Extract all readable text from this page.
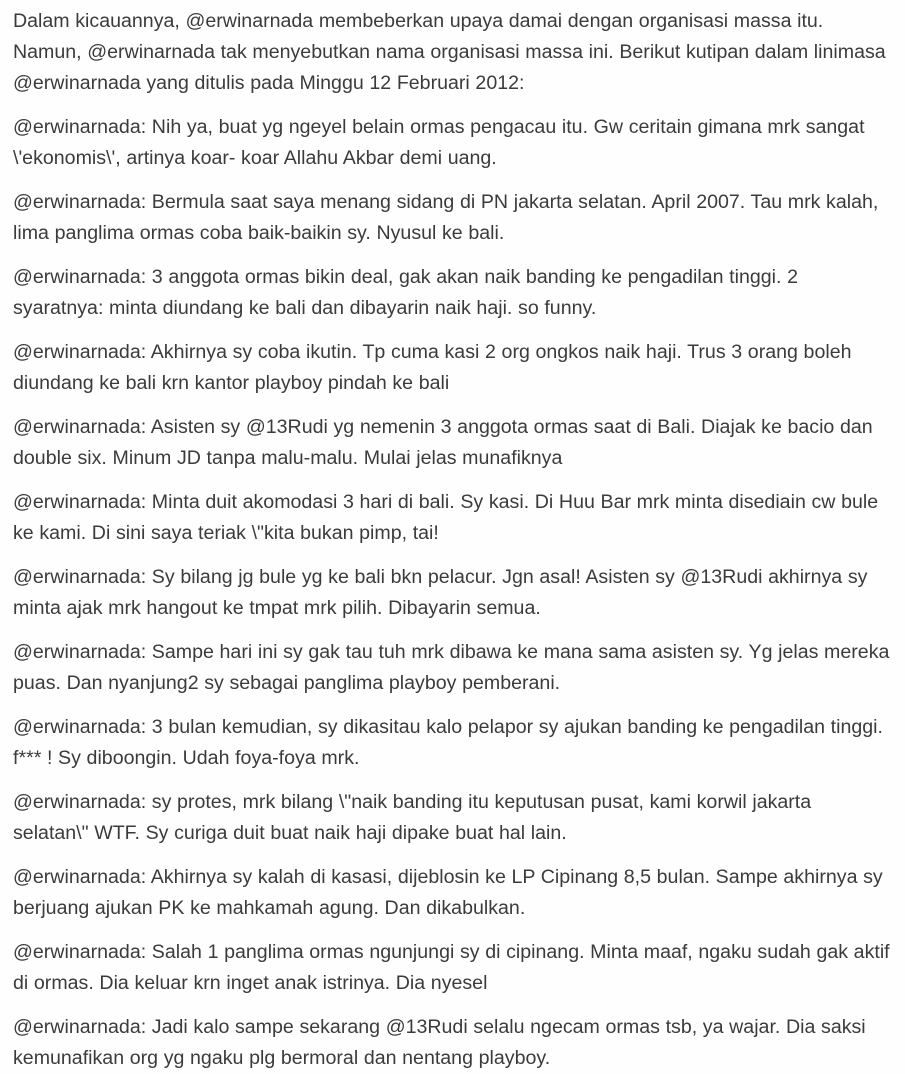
Dalam kicauannya, @erwinarnada membeberkan upaya damai dengan organisasi massa itu. Namun, @erwinarnada tak menyebutkan nama organisasi massa ini. Berikut kutipan dalam linimasa @erwinarnada yang ditulis pada Minggu 12 Februari 2012:

@erwinarnada: Nih ya, buat yg ngeyel belain ormas pengacau itu. Gw ceritain gimana mrk sangat \'ekonomis\', artinya koar- koar Allahu Akbar demi uang.

@erwinarnada: Bermula saat saya menang sidang di PN jakarta selatan. April 2007. Tau mrk kalah, lima panglima ormas coba baik-baikin sy. Nyusul ke bali.

@erwinarnada: 3 anggota ormas bikin deal, gak akan naik banding ke pengadilan tinggi. 2 syaratnya: minta diundang ke bali dan dibayarin naik haji. so funny.

@erwinarnada: Akhirnya sy coba ikutin. Tp cuma kasi 2 org ongkos naik haji. Trus 3 orang boleh diundang ke bali krn kantor playboy pindah ke bali

@erwinarnada: Asisten sy @13Rudi yg nemenin 3 anggota ormas saat di Bali. Diajak ke bacio dan double six. Minum JD tanpa malu-malu. Mulai jelas munafiknya

@erwinarnada: Minta duit akomodasi 3 hari di bali. Sy kasi. Di Huu Bar mrk minta disediain cw bule ke kami. Di sini saya teriak \"kita bukan pimp, tai!

@erwinarnada: Sy bilang jg bule yg ke bali bkn pelacur. Jgn asal! Asisten sy @13Rudi akhirnya sy minta ajak mrk hangout ke tmpat mrk pilih. Dibayarin semua.

@erwinarnada: Sampe hari ini sy gak tau tuh mrk dibawa ke mana sama asisten sy. Yg jelas mereka puas. Dan nyanjung2 sy sebagai panglima playboy pemberani.

@erwinarnada: 3 bulan kemudian, sy dikasitau kalo pelapor sy ajukan banding ke pengadilan tinggi. f*** ! Sy diboongin. Udah foya-foya mrk.

@erwinarnada: sy protes, mrk bilang \"naik banding itu keputusan pusat, kami korwil jakarta selatan\" WTF. Sy curiga duit buat naik haji dipake buat hal lain.

@erwinarnada: Akhirnya sy kalah di kasasi, dijeblosin ke LP Cipinang 8,5 bulan. Sampe akhirnya sy berjuang ajukan PK ke mahkamah agung. Dan dikabulkan.

@erwinarnada: Salah 1 panglima ormas ngunjungi sy di cipinang. Minta maaf, ngaku sudah gak aktif di ormas. Dia keluar krn inget anak istrinya. Dia nyesel

@erwinarnada: Jadi kalo sampe sekarang @13Rudi selalu ngecam ormas tsb, ya wajar. Dia saksi kemunafikan org yg ngaku plg bermoral dan nentang playboy.
